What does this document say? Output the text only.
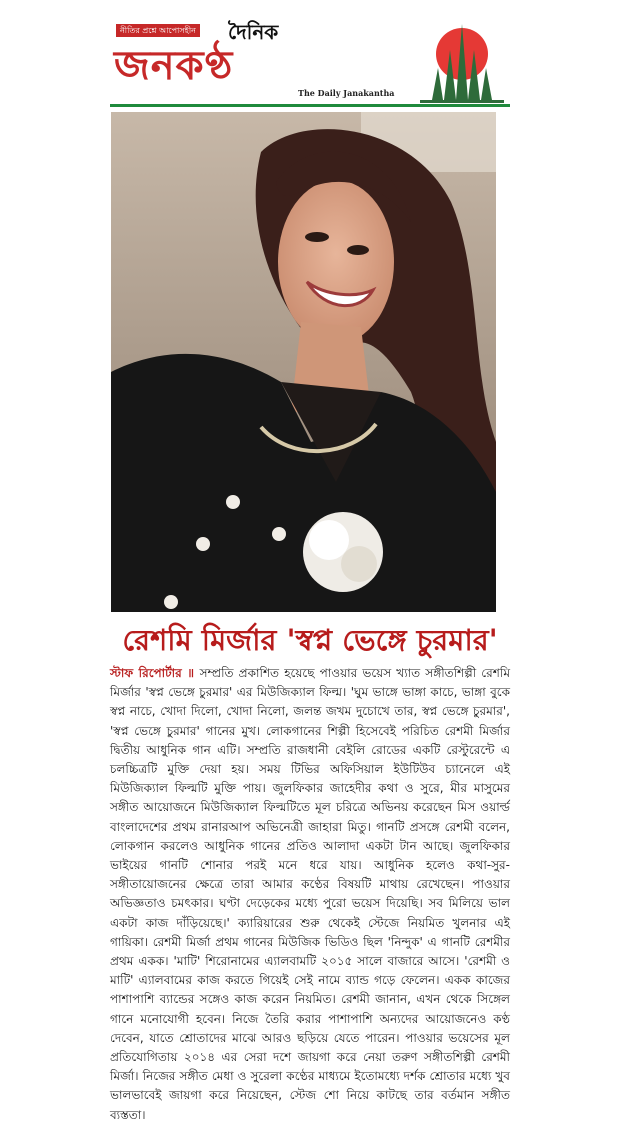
নীতির প্রশ্নে আপোসহীন দৈনিক
জনকণ্ঠ
The Daily Janakantha
রেশমি মির্জার 'স্বপ্ন ভেঙ্গে চুরমার'
স্টাফ রিপোর্টার ॥ সম্প্রতি প্রকাশিত হয়েছে পাওয়ার ভয়েস খ্যাত সঙ্গীতশিল্পী রেশমি মির্জার 'স্বপ্ন ভেঙ্গে চুরমার' এর মিউজিক্যাল ফিল্ম। 'ঘুম ভাঙ্গে ভাঙ্গা কাচে, ভাঙ্গা বুকে স্বপ্ন নাচে, খোদা দিলো, খোদা নিলো, জলন্ত জখম দুচোখে তার, স্বপ্ন ভেঙ্গে চুরমার', 'স্বপ্ন ভেঙ্গে চুরমার' গানের মুখ। লোকগানের শিল্পী হিসেবেই পরিচিত রেশমী মির্জার দ্বিতীয় আধুনিক গান এটি। সম্প্রতি রাজধানী বেইলি রোডের একটি রেস্টুরেন্টে এ চলচ্চিত্রটি মুক্তি দেয়া হয়। সময় টিভির অফিসিয়াল ইউটিউব চ্যানেলে এই মিউজিক্যাল ফিল্মটি মুক্তি পায়। জুলফিকার জাহেদীর কথা ও সুরে, মীর মাসুমের সঙ্গীত আয়োজনে মিউজিক্যাল ফিল্মটিতে মূল চরিত্রে অভিনয় করেছেন মিস ওয়ার্ল্ড বাংলাদেশের প্রথম রানারআপ অভিনেত্রী জাহারা মিতু। গানটি প্রসঙ্গে রেশমী বলেন, লোকগান করলেও আধুনিক গানের প্রতিও আলাদা একটা টান আছে। জুলফিকার ভাইয়ের গানটি শোনার পরই মনে ধরে যায়। আধুনিক হলেও কথা-সুর-সঙ্গীতায়োজনের ক্ষেত্রে তারা আমার কণ্ঠের বিষয়টি মাথায় রেখেছেন। পাওয়ার অভিজ্ঞতাও চমৎকার। ঘণ্টা দেড়েকের মধ্যে পুরো ভয়েস দিয়েছি। সব মিলিয়ে ভাল একটা কাজ দাঁড়িয়েছে।' ক্যারিয়ারের শুরু থেকেই স্টেজে নিয়মিত খুলনার এই গায়িকা। রেশমী মির্জা প্রথম গানের মিউজিক ভিডিও ছিল 'নিন্দুক' এ গানটি রেশমীর প্রথম একক। 'মাটি' শিরোনামের এ্যালবামটি ২০১৫ সালে বাজারে আসে। 'রেশমী ও মাটি' এ্যালবামের কাজ করতে গিয়েই সেই নামে ব্যান্ড গড়ে ফেলেন। একক কাজের পাশাপাশি ব্যান্ডের সঙ্গেও কাজ করেন নিয়মিত। রেশমী জানান, এখন থেকে সিঙ্গেল গানে মনোযোগী হবেন। নিজে তৈরি করার পাশাপাশি অন্যদের আয়োজনেও কণ্ঠ দেবেন, যাতে শ্রোতাদের মাঝে আরও ছড়িয়ে যেতে পারেন। পাওয়ার ভয়েসের মূল প্রতিযোগিতায় ২০১৪ এর সেরা দশে জায়গা করে নেয়া তরুণ সঙ্গীতশিল্পী রেশমী মির্জা। নিজের সঙ্গীত মেধা ও সুরেলা কণ্ঠের মাধ্যমে ইতোমধ্যে দর্শক শ্রোতার মধ্যে খুব ভালভাবেই জায়গা করে নিয়েছেন, স্টেজ শো নিয়ে কাটছে তার বর্তমান সঙ্গীত ব্যস্ততা।
